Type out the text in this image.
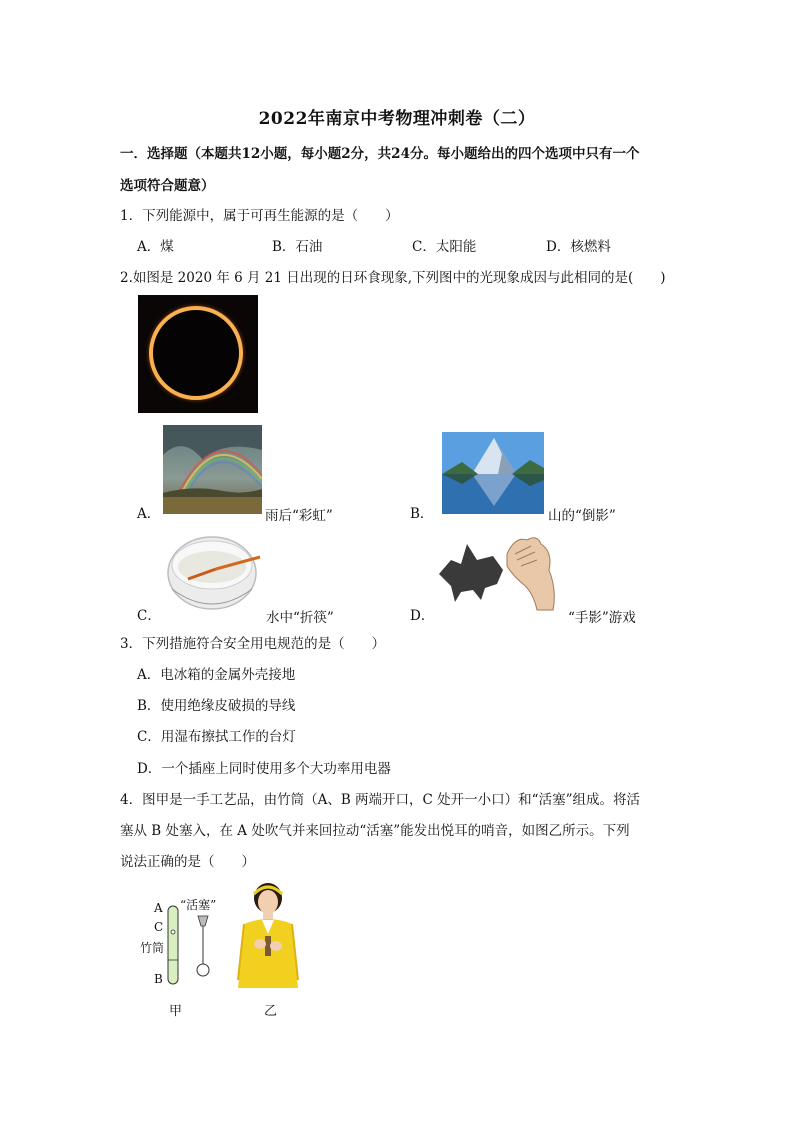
2022年南京中考物理冲刺卷（二）
一．选择题（本题共12小题，每小题2分，共24分。每小题给出的四个选项中只有一个
选项符合题意）
1．下列能源中，属于可再生能源的是（　　）
A．煤	B．石油	C．太阳能	D．核燃料
2.如图是 2020 年 6 月 21 日出现的日环食现象,下列图中的光现象成因与此相同的是(　　)
A．	雨后“彩虹”	B．	山的“倒影”
C．	水中“折筷”	D．	“手影”游戏
3．下列措施符合安全用电规范的是（　　）
A．电冰箱的金属外壳接地
B．使用绝缘皮破损的导线
C．用湿布擦拭工作的台灯
D．一个插座上同时使用多个大功率用电器
4．图甲是一手工艺品，由竹筒（A、B 两端开口，C 处开一小口）和“活塞”组成。将活
塞从 B 处塞入，在 A 处吹气并来回拉动“活塞”能发出悦耳的哨音，如图乙所示。下列
说法正确的是（　　）
A
C
竹筒
B
“活塞”
甲	乙
